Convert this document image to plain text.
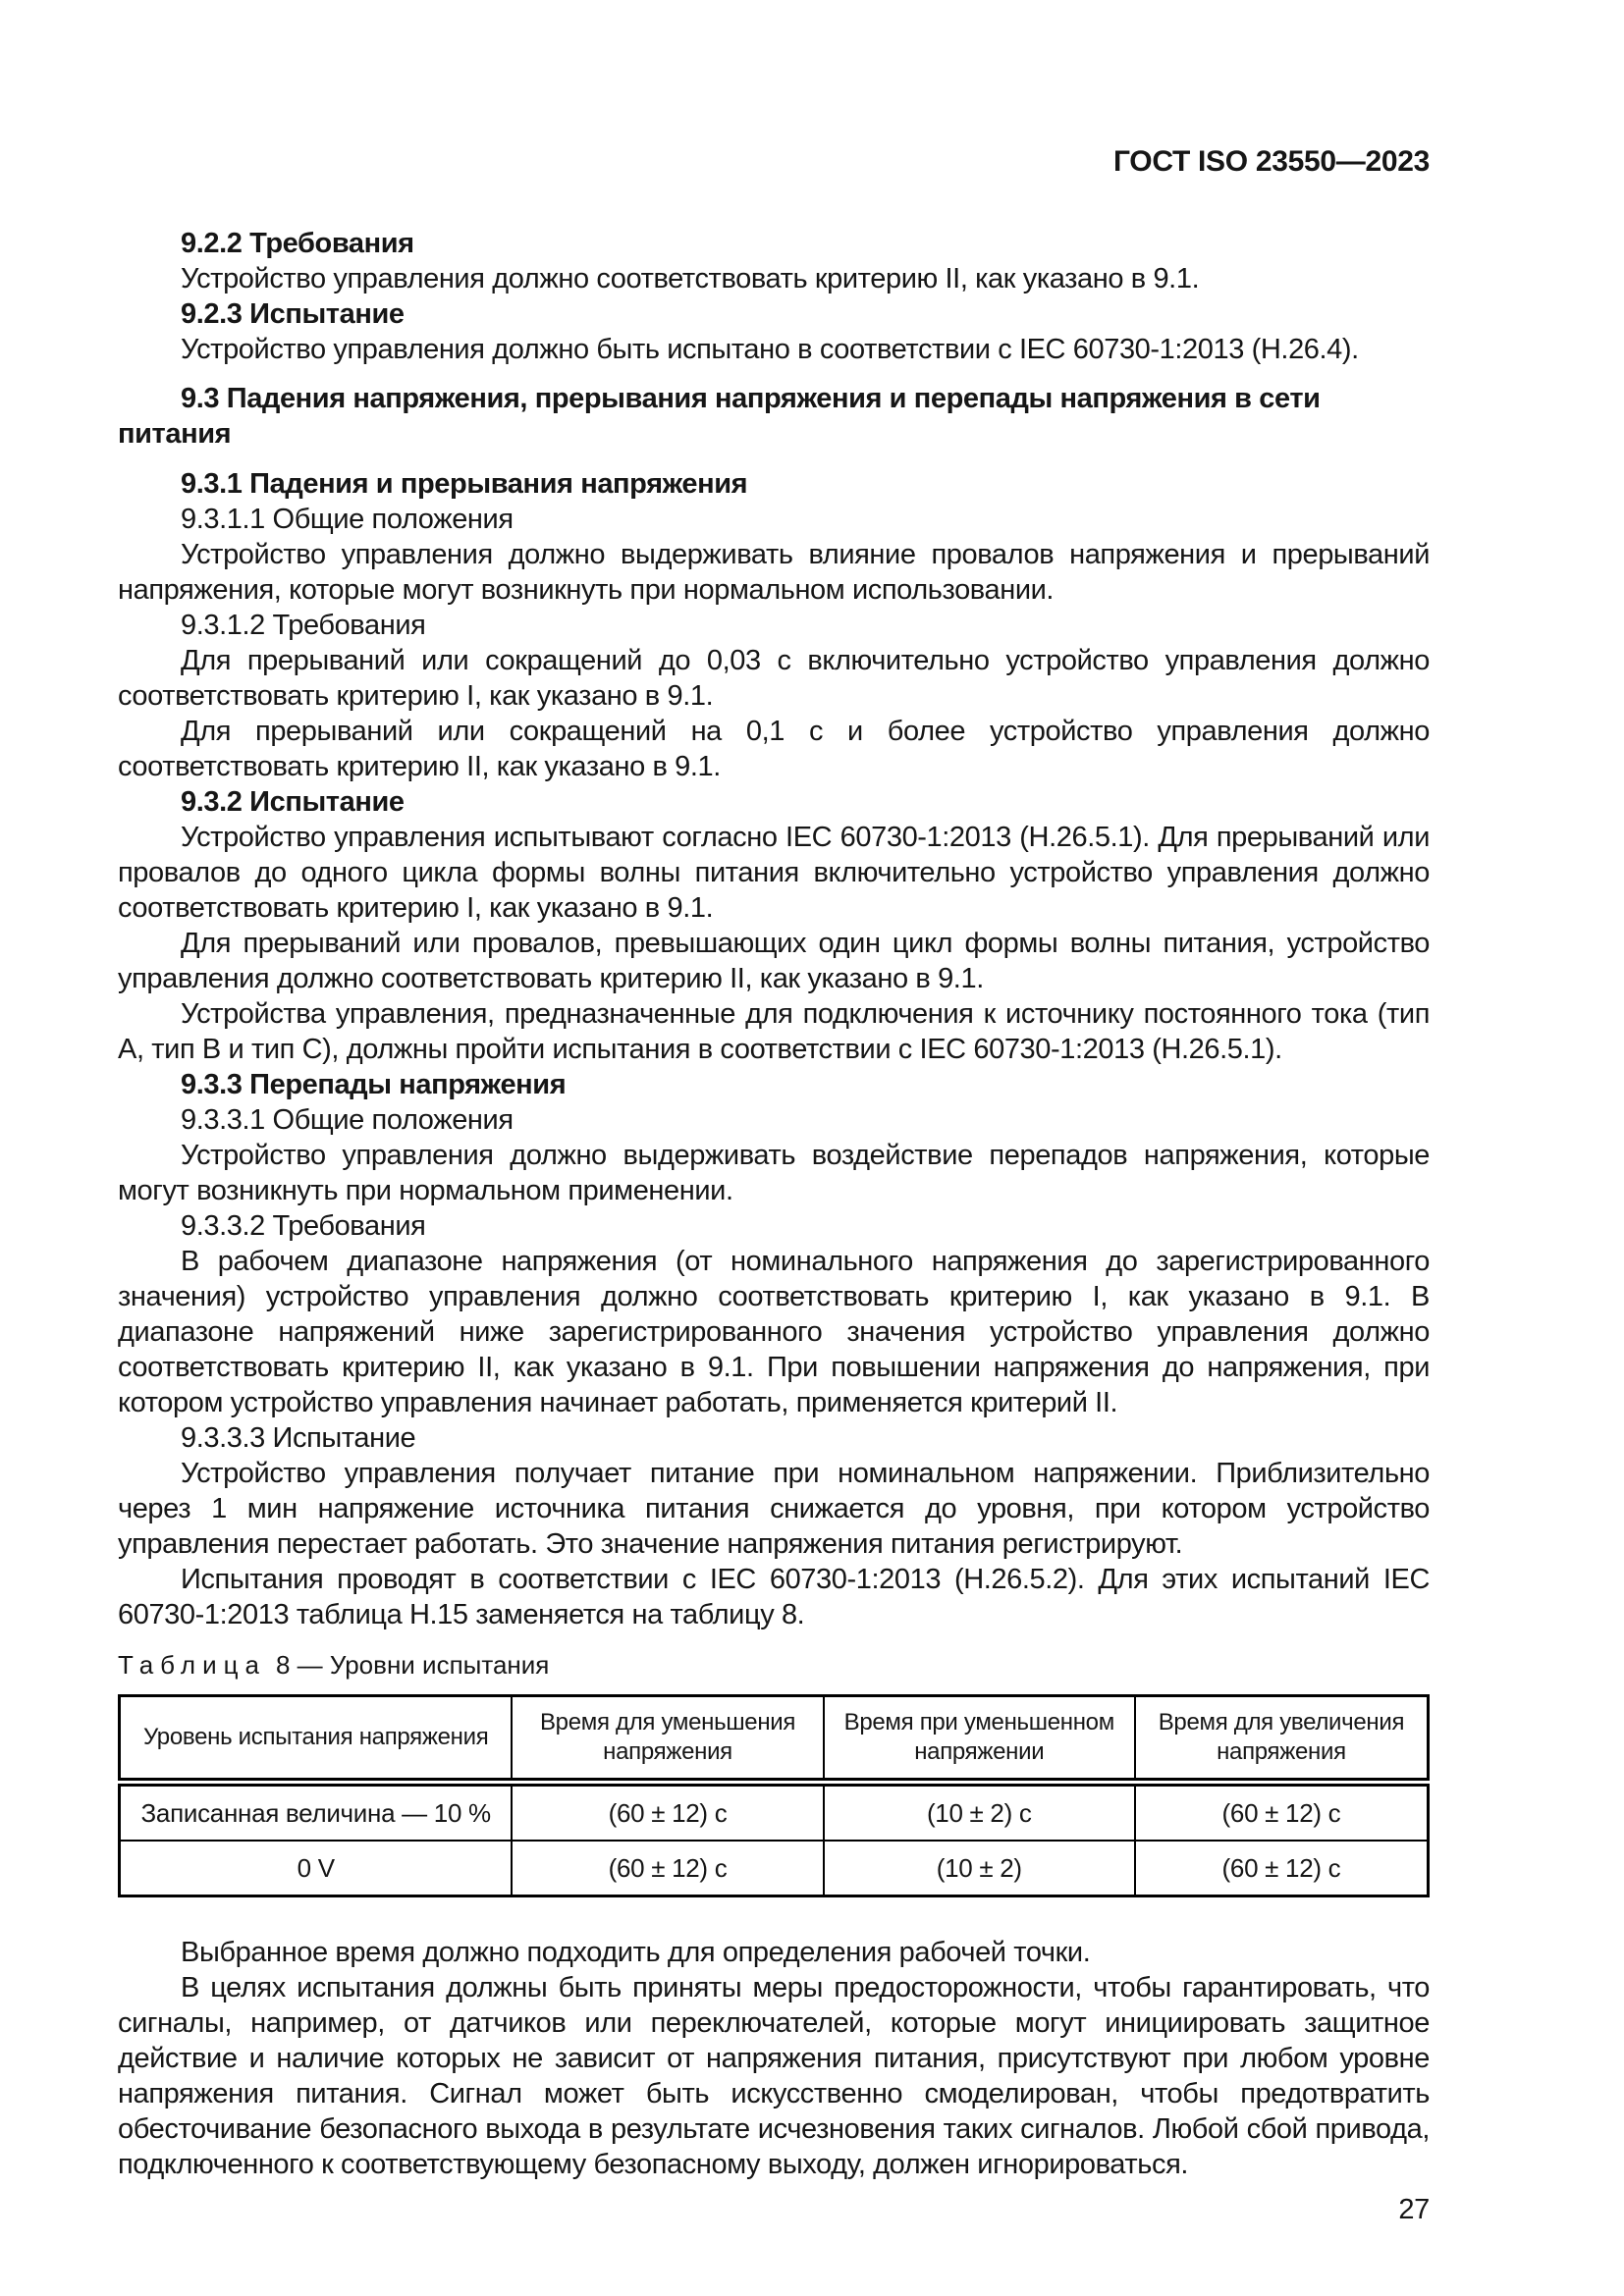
ГОСТ ISO 23550—2023

9.2.2 Требования

Устройство управления должно соответствовать критерию II, как указано в 9.1.

9.2.3 Испытание

Устройство управления должно быть испытано в соответствии с IEC 60730-1:2013 (H.26.4).

9.3 Падения напряжения, прерывания напряжения и перепады напряжения в сети питания

9.3.1 Падения и прерывания напряжения

9.3.1.1 Общие положения

Устройство управления должно выдерживать влияние провалов напряжения и прерываний напряжения, которые могут возникнуть при нормальном использовании.

9.3.1.2 Требования

Для прерываний или сокращений до 0,03 с включительно устройство управления должно соответствовать критерию I, как указано в 9.1.

Для прерываний или сокращений на 0,1 с и более устройство управления должно соответствовать критерию II, как указано в 9.1.

9.3.2 Испытание

Устройство управления испытывают согласно IEC 60730-1:2013 (H.26.5.1). Для прерываний или провалов до одного цикла формы волны питания включительно устройство управления должно соответствовать критерию I, как указано в 9.1.

Для прерываний или провалов, превышающих один цикл формы волны питания, устройство управления должно соответствовать критерию II, как указано в 9.1.

Устройства управления, предназначенные для подключения к источнику постоянного тока (тип A, тип B и тип C), должны пройти испытания в соответствии с IEC 60730-1:2013 (H.26.5.1).

9.3.3 Перепады напряжения

9.3.3.1 Общие положения

Устройство управления должно выдерживать воздействие перепадов напряжения, которые могут возникнуть при нормальном применении.

9.3.3.2 Требования

В рабочем диапазоне напряжения (от номинального напряжения до зарегистрированного значения) устройство управления должно соответствовать критерию I, как указано в 9.1. В диапазоне напряжений ниже зарегистрированного значения устройство управления должно соответствовать критерию II, как указано в 9.1. При повышении напряжения до напряжения, при котором устройство управления начинает работать, применяется критерий II.

9.3.3.3 Испытание

Устройство управления получает питание при номинальном напряжении. Приблизительно через 1 мин напряжение источника питания снижается до уровня, при котором устройство управления перестает работать. Это значение напряжения питания регистрируют.

Испытания проводят в соответствии с IEC 60730-1:2013 (H.26.5.2). Для этих испытаний IEC 60730-1:2013 таблица H.15 заменяется на таблицу 8.

Таблица 8 — Уровни испытания
Уровень испытания напряжения	Время для уменьшения напряжения	Время при уменьшенном напряжении	Время для увеличения напряжения
Записанная величина — 10 %	(60 ± 12) с	(10 ± 2) с	(60 ± 12) с
0 V	(60 ± 12) с	(10 ± 2)	(60 ± 12) с

Выбранное время должно подходить для определения рабочей точки.

В целях испытания должны быть приняты меры предосторожности, чтобы гарантировать, что сигналы, например, от датчиков или переключателей, которые могут инициировать защитное действие и наличие которых не зависит от напряжения питания, присутствуют при любом уровне напряжения питания. Сигнал может быть искусственно смоделирован, чтобы предотвратить обесточивание безопасного выхода в результате исчезновения таких сигналов. Любой сбой привода, подключенного к соответствующему безопасному выходу, должен игнорироваться.

27
